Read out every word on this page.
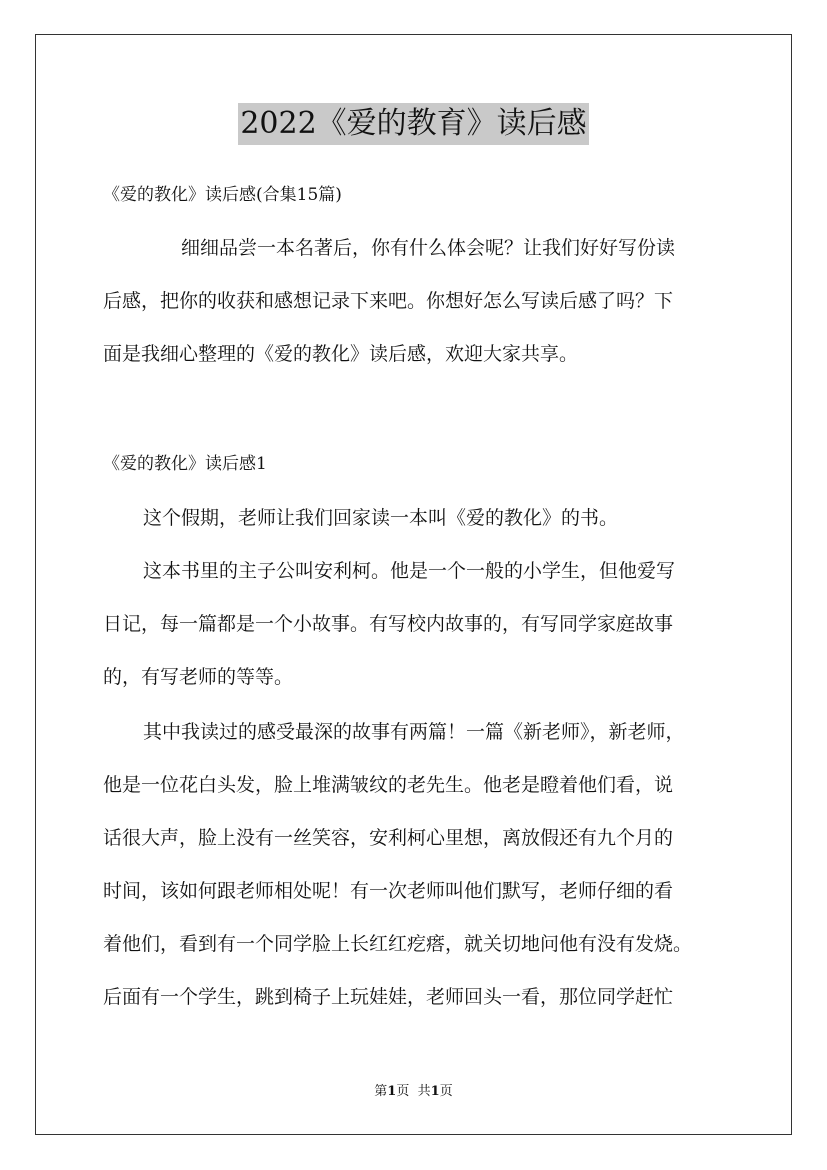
2022《爱的教育》读后感
《爱的教化》读后感(合集15篇)

细细品尝一本名著后，你有什么体会呢？让我们好好写份读
后感，把你的收获和感想记录下来吧。你想好怎么写读后感了吗？下
面是我细心整理的《爱的教化》读后感，欢迎大家共享。

《爱的教化》读后感1

这个假期，老师让我们回家读一本叫《爱的教化》的书。

这本书里的主子公叫安利柯。他是一个一般的小学生，但他爱写
日记，每一篇都是一个小故事。有写校内故事的，有写同学家庭故事
的，有写老师的等等。

其中我读过的感受最深的故事有两篇！一篇《新老师》，新老师，
他是一位花白头发，脸上堆满皱纹的老先生。他老是瞪着他们看，说
话很大声，脸上没有一丝笑容，安利柯心里想，离放假还有九个月的
时间，该如何跟老师相处呢！有一次老师叫他们默写，老师仔细的看
着他们，看到有一个同学脸上长红红疙瘩，就关切地问他有没有发烧。
后面有一个学生，跳到椅子上玩娃娃，老师回头一看，那位同学赶忙

第1页 共1页
